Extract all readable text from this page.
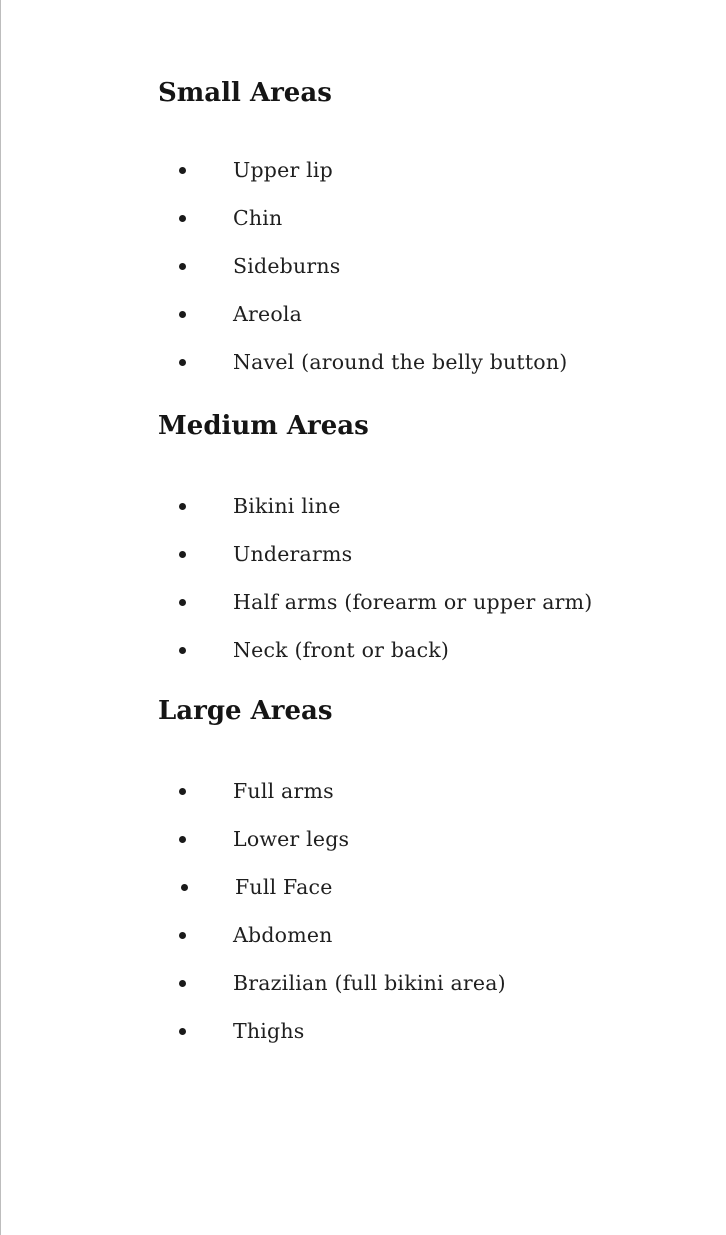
Small Areas
Upper lip
Chin
Sideburns
Areola
Navel (around the belly button)
Medium Areas
Bikini line
Underarms
Half arms (forearm or upper arm)
Neck (front or back)
Large Areas
Full arms
Lower legs
Full Face
Abdomen
Brazilian (full bikini area)
Thighs
